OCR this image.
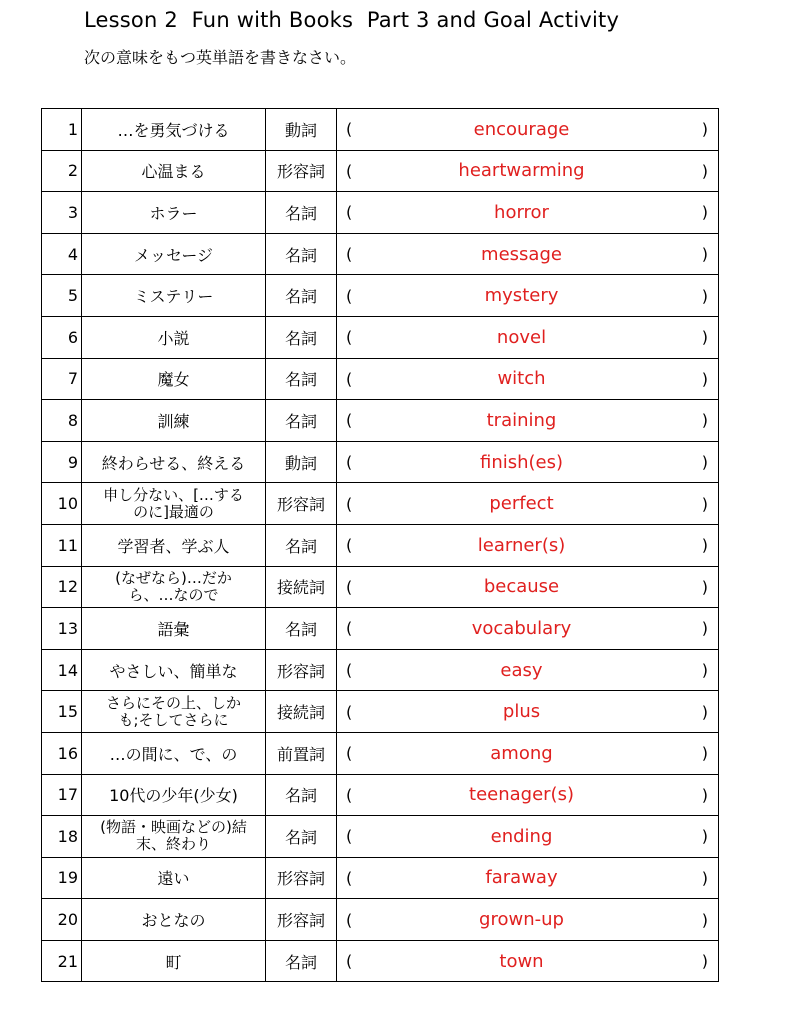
Lesson 2  Fun with Books  Part 3 and Goal Activity
次の意味をもつ英単語を書きなさい。
1	…を勇気づける	動詞	( encourage )

2	心温まる	形容詞	( heartwarming )

3	ホラー	名詞	( horror )

4	メッセージ	名詞	( message )

5	ミステリー	名詞	( mystery )

6	小説	名詞	( novel )

7	魔女	名詞	( witch )

8	訓練	名詞	( training )

9	終わらせる、終える	動詞	( finish(es) )

10	申し分ない、[…するのに]最適の	形容詞	( perfect )

11	学習者、学ぶ人	名詞	( learner(s) )

12	(なぜなら)…だから、…なので	接続詞	( because )

13	語彙	名詞	( vocabulary )

14	やさしい、簡単な	形容詞	( easy )

15	さらにその上、しかも;そしてさらに	接続詞	( plus )

16	…の間に、で、の	前置詞	( among )

17	10代の少年(少女)	名詞	( teenager(s) )

18	(物語・映画などの)結末、終わり	名詞	( ending )

19	遠い	形容詞	( faraway )

20	おとなの	形容詞	( grown-up )

21	町	名詞	( town )
